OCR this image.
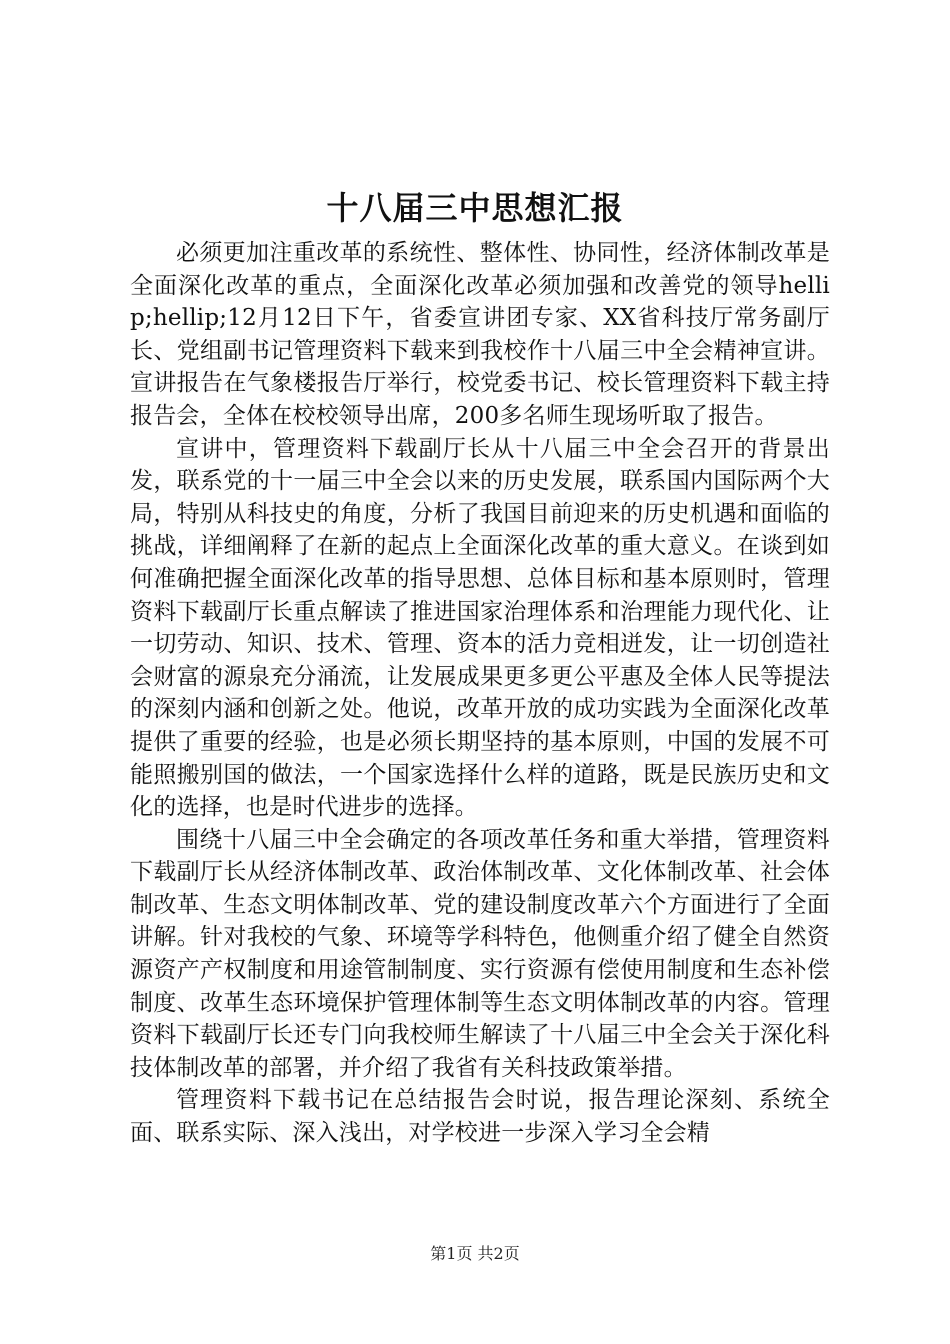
十八届三中思想汇报

必须更加注重改革的系统性、整体性、协同性，经济体制改革是全面深化改革的重点，全面深化改革必须加强和改善党的领导hellip;hellip;12月12日下午，省委宣讲团专家、XX省科技厅常务副厅长、党组副书记管理资料下载来到我校作十八届三中全会精神宣讲。宣讲报告在气象楼报告厅举行，校党委书记、校长管理资料下载主持报告会，全体在校校领导出席，200多名师生现场听取了报告。

宣讲中，管理资料下载副厅长从十八届三中全会召开的背景出发，联系党的十一届三中全会以来的历史发展，联系国内国际两个大局，特别从科技史的角度，分析了我国目前迎来的历史机遇和面临的挑战，详细阐释了在新的起点上全面深化改革的重大意义。在谈到如何准确把握全面深化改革的指导思想、总体目标和基本原则时，管理资料下载副厅长重点解读了推进国家治理体系和治理能力现代化、让一切劳动、知识、技术、管理、资本的活力竞相迸发，让一切创造社会财富的源泉充分涌流，让发展成果更多更公平惠及全体人民等提法的深刻内涵和创新之处。他说，改革开放的成功实践为全面深化改革提供了重要的经验，也是必须长期坚持的基本原则，中国的发展不可能照搬别国的做法，一个国家选择什么样的道路，既是民族历史和文化的选择，也是时代进步的选择。

围绕十八届三中全会确定的各项改革任务和重大举措，管理资料下载副厅长从经济体制改革、政治体制改革、文化体制改革、社会体制改革、生态文明体制改革、党的建设制度改革六个方面进行了全面讲解。针对我校的气象、环境等学科特色，他侧重介绍了健全自然资源资产产权制度和用途管制制度、实行资源有偿使用制度和生态补偿制度、改革生态环境保护管理体制等生态文明体制改革的内容。管理资料下载副厅长还专门向我校师生解读了十八届三中全会关于深化科技体制改革的部署，并介绍了我省有关科技政策举措。

管理资料下载书记在总结报告会时说，报告理论深刻、系统全面、联系实际、深入浅出，对学校进一步深入学习全会精

第1页 共2页
